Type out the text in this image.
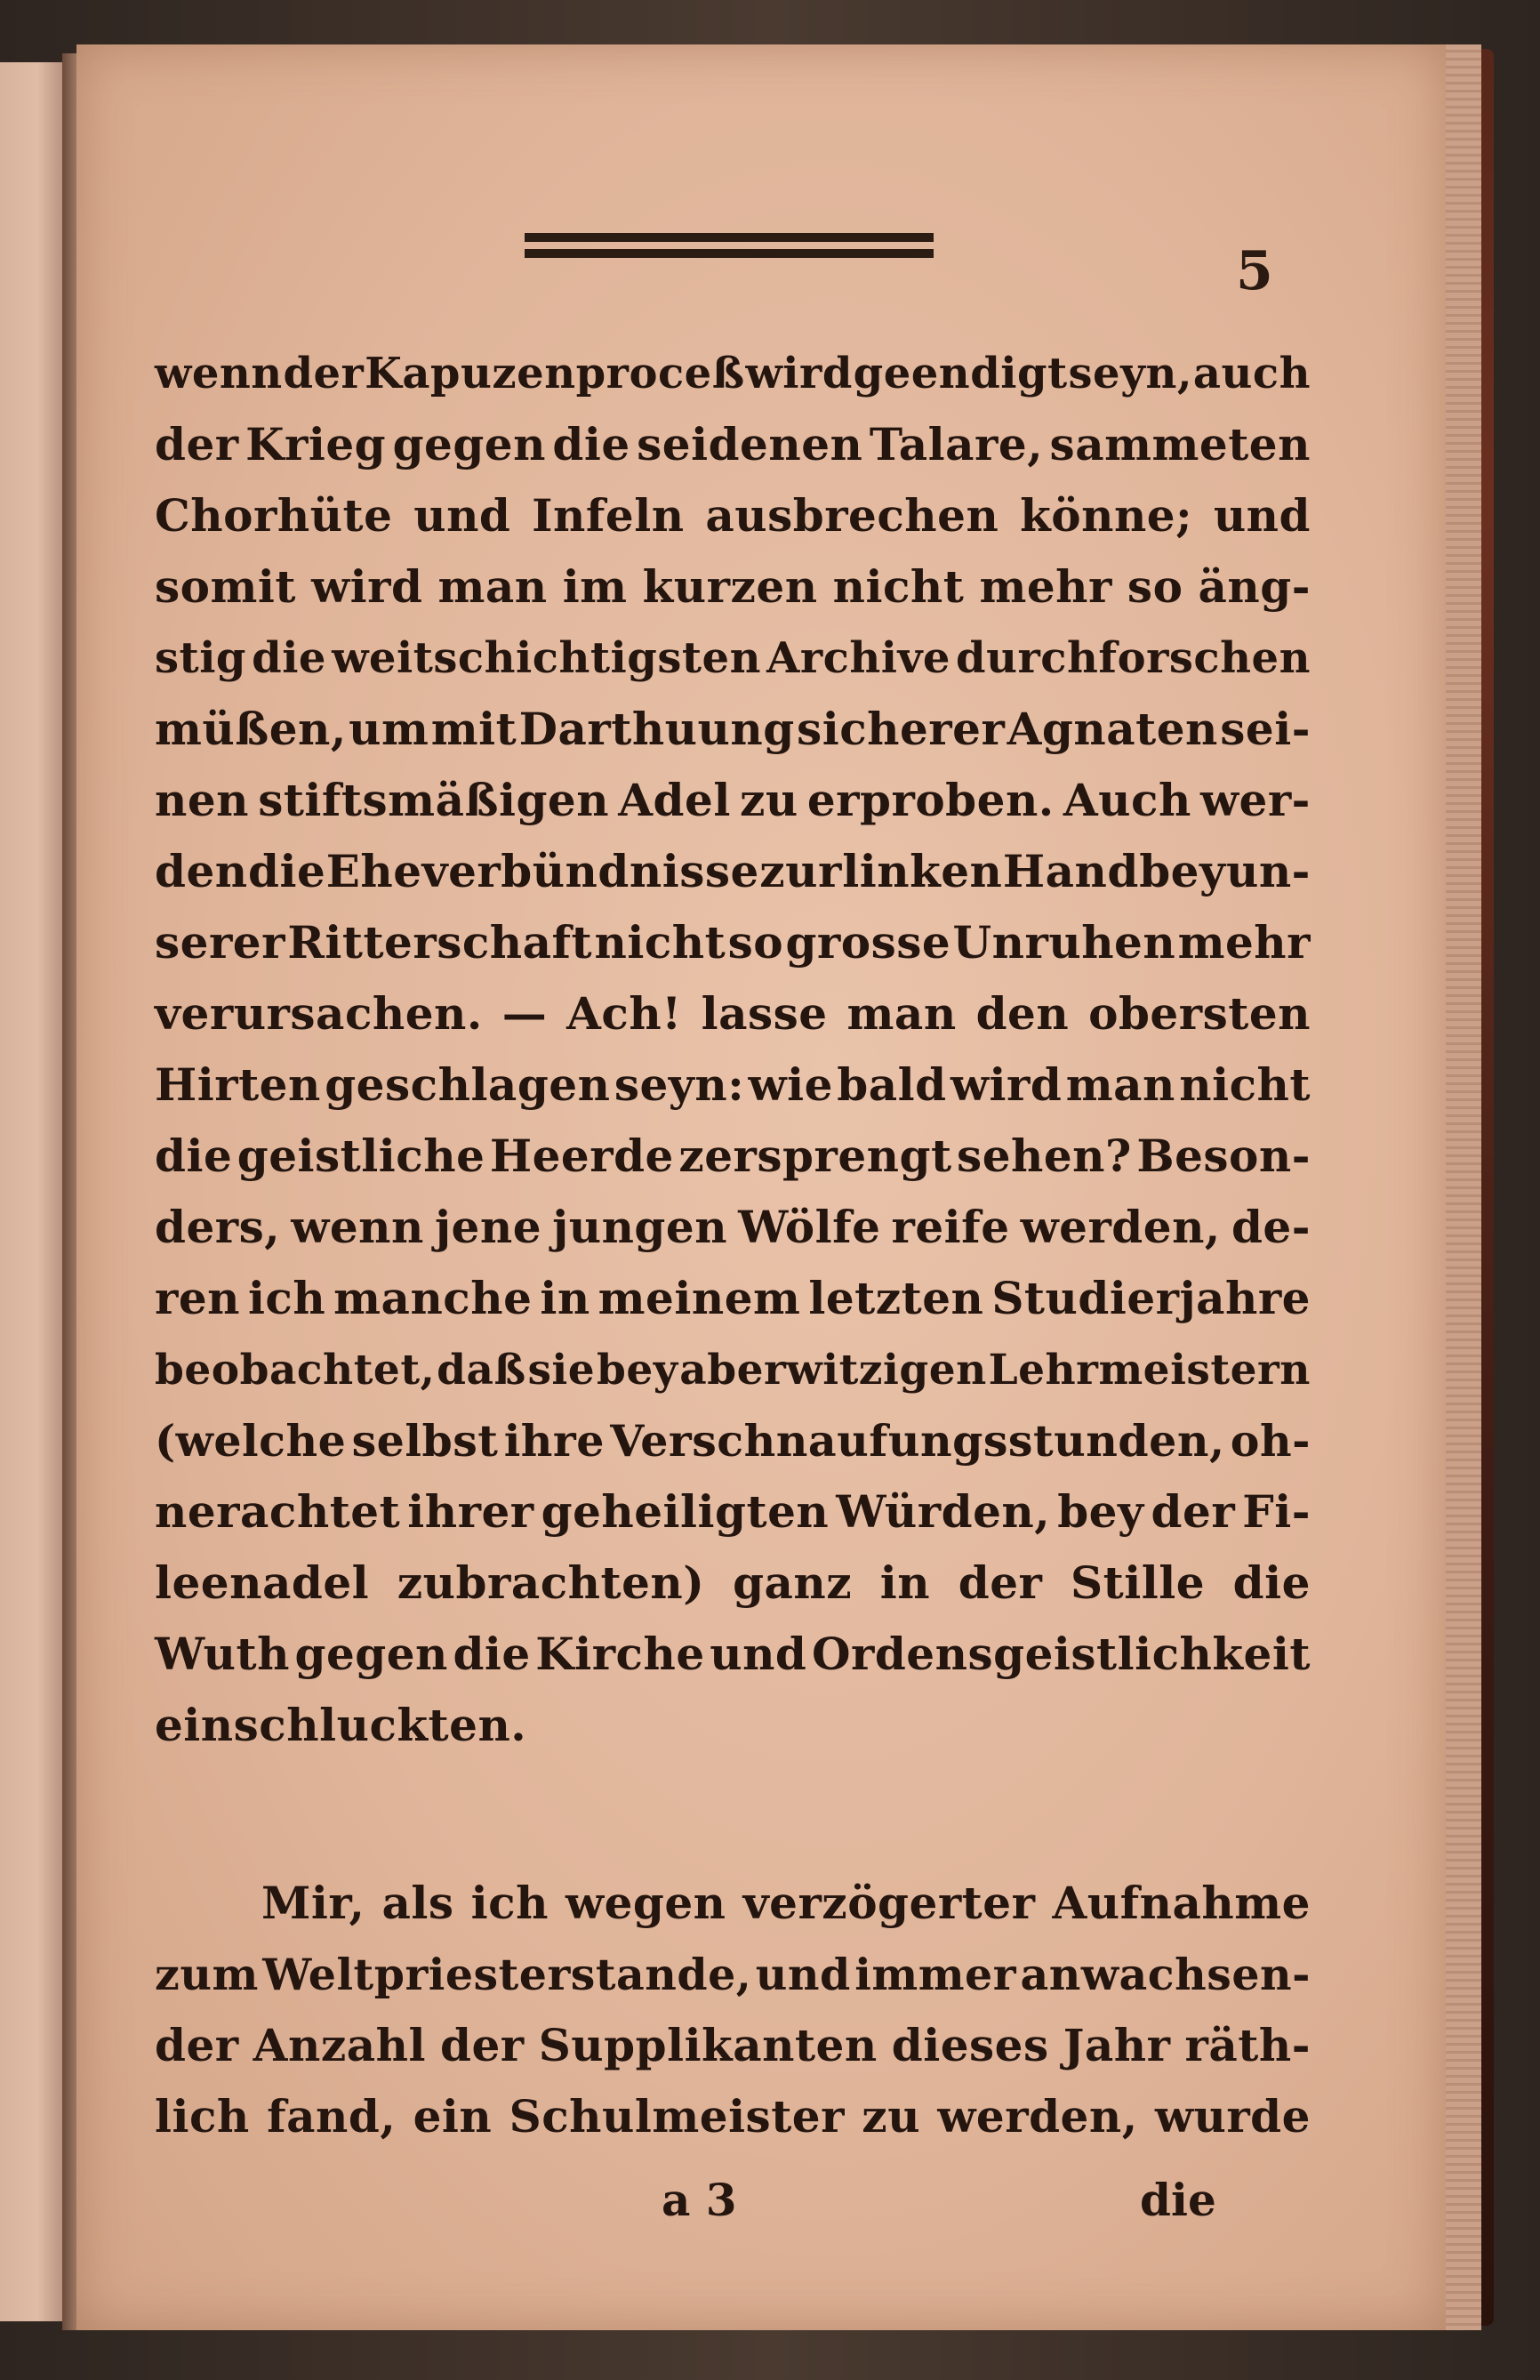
5
wenn der Kapuzenproceß wird geendigt seyn, auch
der Krieg gegen die seidenen Talare, sammeten
Chorhüte und Infeln ausbrechen könne; und
somit wird man im kurzen nicht mehr so äng-
stig die weitschichtigsten Archive durchforschen
müßen, um mit Darthuung sicherer Agnaten sei-
nen stiftsmäßigen Adel zu erproben. Auch wer-
den die Eheverbündnisse zur linken Hand bey un-
serer Ritterschaft nicht so grosse Unruhen mehr
verursachen. — Ach! lasse man den obersten
Hirten geschlagen seyn: wie bald wird man nicht
die geistliche Heerde zersprengt sehen? Beson-
ders, wenn jene jungen Wölfe reife werden, de-
ren ich manche in meinem letzten Studierjahre
beobachtet, daß sie bey aberwitzigen Lehrmeistern
(welche selbst ihre Verschnaufungsstunden, oh-
nerachtet ihrer geheiligten Würden, bey der Fi-
leenadel zubrachten) ganz in der Stille die
Wuth gegen die Kirche und Ordensgeistlichkeit
einschluckten.
Mir, als ich wegen verzögerter Aufnahme
zum Weltpriesterstande, und immer anwachsen-
der Anzahl der Supplikanten dieses Jahr räth-
lich fand, ein Schulmeister zu werden, wurde
a 3	die
